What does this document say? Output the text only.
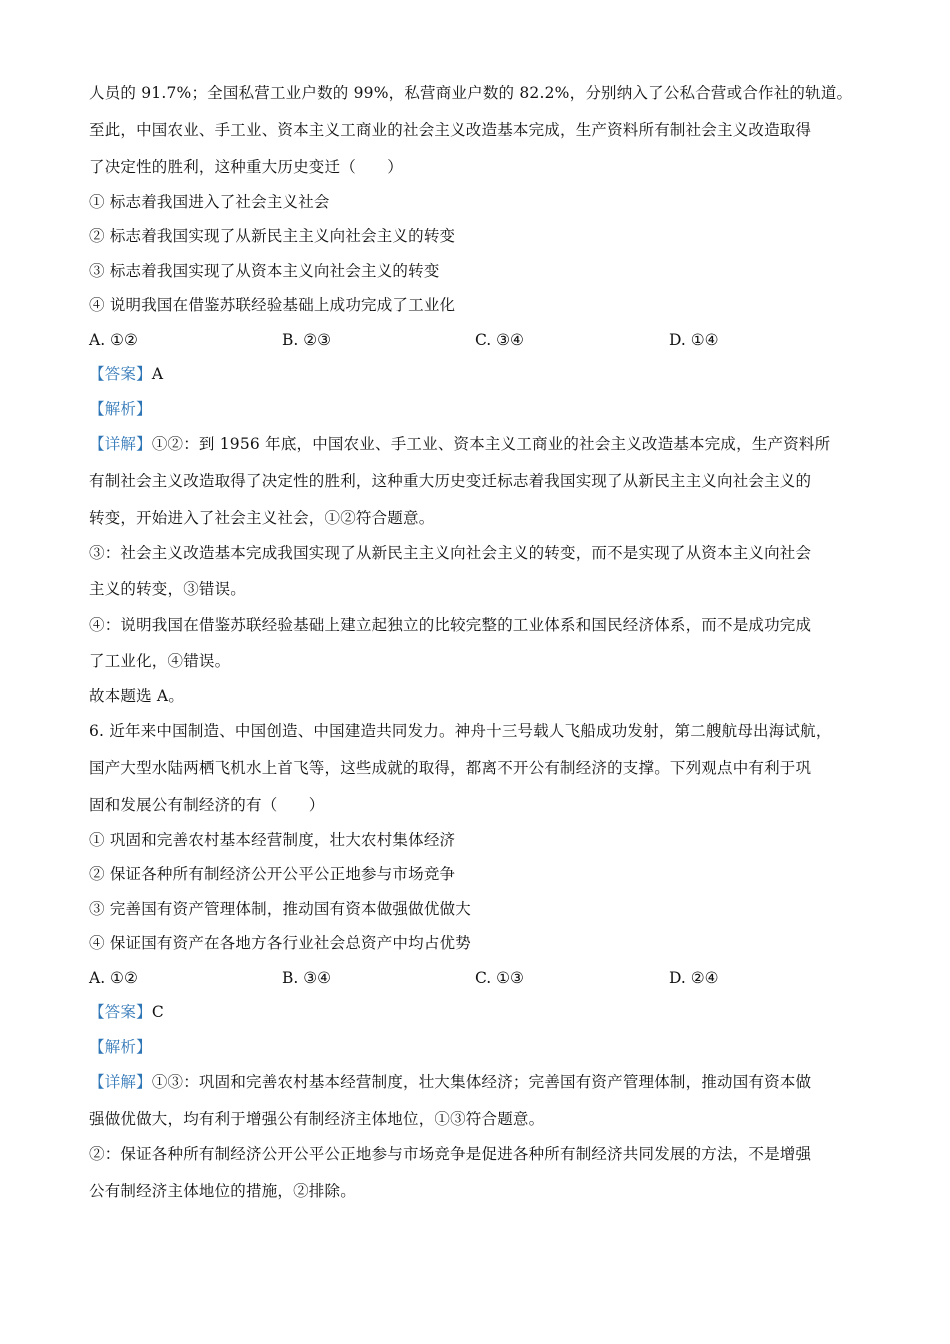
人员的 91.7%；全国私营工业户数的 99%，私营商业户数的 82.2%，分别纳入了公私合营或合作社的轨道。
至此，中国农业、手工业、资本主义工商业的社会主义改造基本完成，生产资料所有制社会主义改造取得
了决定性的胜利，这种重大历史变迁（　　）
① 标志着我国进入了社会主义社会
② 标志着我国实现了从新民主主义向社会主义的转变
③ 标志着我国实现了从资本主义向社会主义的转变
④ 说明我国在借鉴苏联经验基础上成功完成了工业化
A. ①②	B. ②③	C. ③④	D. ①④
【答案】A
【解析】
【详解】①②：到 1956 年底，中国农业、手工业、资本主义工商业的社会主义改造基本完成，生产资料所
有制社会主义改造取得了决定性的胜利，这种重大历史变迁标志着我国实现了从新民主主义向社会主义的
转变，开始进入了社会主义社会，①②符合题意。
③：社会主义改造基本完成我国实现了从新民主主义向社会主义的转变，而不是实现了从资本主义向社会
主义的转变，③错误。
④：说明我国在借鉴苏联经验基础上建立起独立的比较完整的工业体系和国民经济体系，而不是成功完成
了工业化，④错误。
故本题选 A。
6. 近年来中国制造、中国创造、中国建造共同发力。神舟十三号载人飞船成功发射，第二艘航母出海试航，
国产大型水陆两栖飞机水上首飞等，这些成就的取得，都离不开公有制经济的支撑。下列观点中有利于巩
固和发展公有制经济的有（　　）
① 巩固和完善农村基本经营制度，壮大农村集体经济
② 保证各种所有制经济公开公平公正地参与市场竞争
③ 完善国有资产管理体制，推动国有资本做强做优做大
④ 保证国有资产在各地方各行业社会总资产中均占优势
A. ①②	B. ③④	C. ①③	D. ②④
【答案】C
【解析】
【详解】①③：巩固和完善农村基本经营制度，壮大集体经济；完善国有资产管理体制，推动国有资本做
强做优做大，均有利于增强公有制经济主体地位，①③符合题意。
②：保证各种所有制经济公开公平公正地参与市场竞争是促进各种所有制经济共同发展的方法，不是增强
公有制经济主体地位的措施，②排除。
